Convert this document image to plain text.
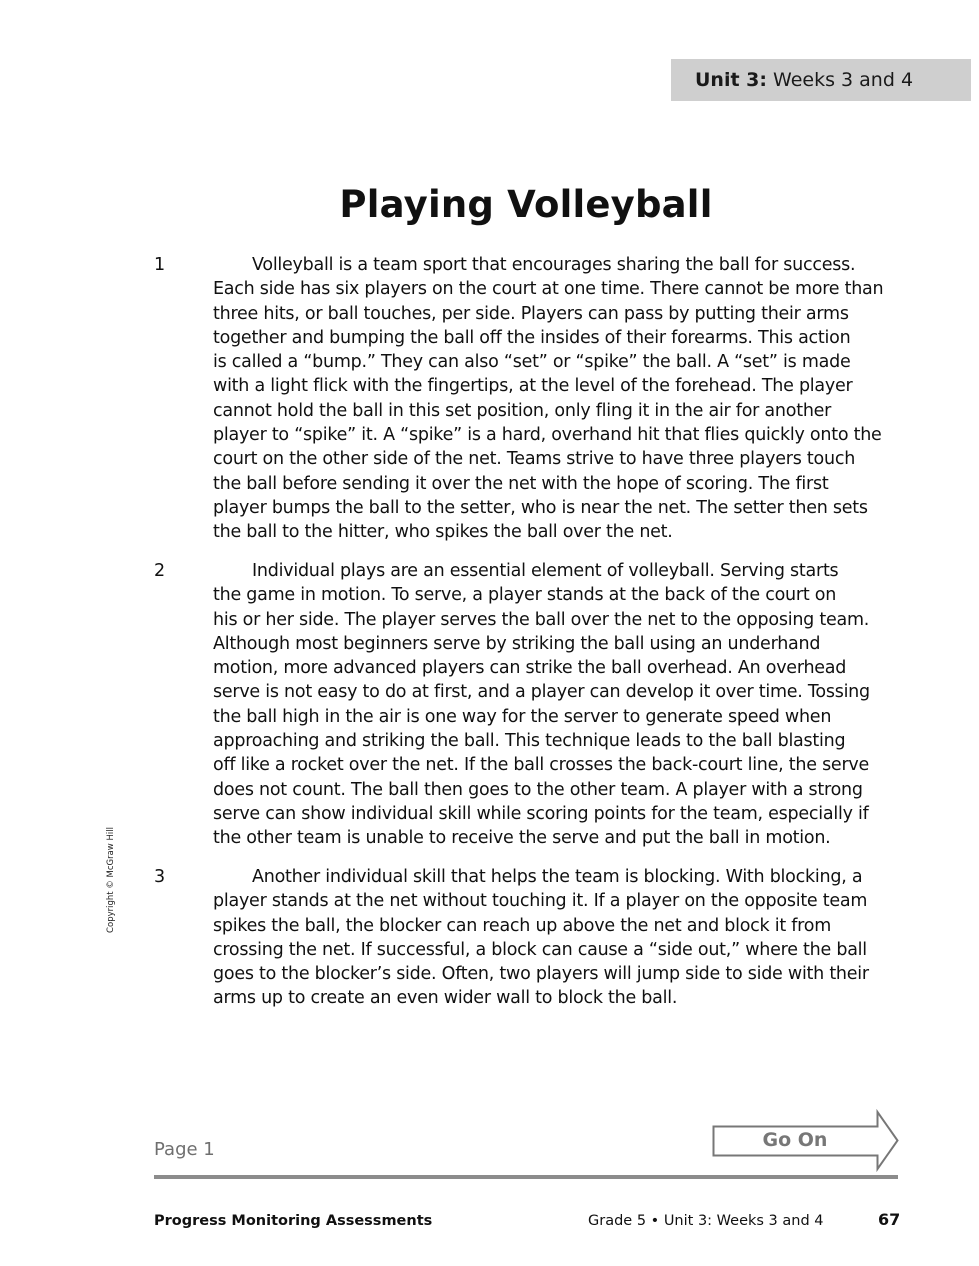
Unit 3: Weeks 3 and 4
Playing Volleyball
1	Volleyball is a team sport that encourages sharing the ball for success.
Each side has six players on the court at one time. There cannot be more than
three hits, or ball touches, per side. Players can pass by putting their arms
together and bumping the ball off the insides of their forearms. This action
is called a “bump.” They can also “set” or “spike” the ball. A “set” is made
with a light flick with the fingertips, at the level of the forehead. The player
cannot hold the ball in this set position, only fling it in the air for another
player to “spike” it. A “spike” is a hard, overhand hit that flies quickly onto the
court on the other side of the net. Teams strive to have three players touch
the ball before sending it over the net with the hope of scoring. The first
player bumps the ball to the setter, who is near the net. The setter then sets
the ball to the hitter, who spikes the ball over the net.

2	Individual plays are an essential element of volleyball. Serving starts
the game in motion. To serve, a player stands at the back of the court on
his or her side. The player serves the ball over the net to the opposing team.
Although most beginners serve by striking the ball using an underhand
motion, more advanced players can strike the ball overhead. An overhead
serve is not easy to do at first, and a player can develop it over time. Tossing
the ball high in the air is one way for the server to generate speed when
approaching and striking the ball. This technique leads to the ball blasting
off like a rocket over the net. If the ball crosses the back-court line, the serve
does not count. The ball then goes to the other team. A player with a strong
serve can show individual skill while scoring points for the team, especially if
the other team is unable to receive the serve and put the ball in motion.

3	Another individual skill that helps the team is blocking. With blocking, a
player stands at the net without touching it. If a player on the opposite team
spikes the ball, the blocker can reach up above the net and block it from
crossing the net. If successful, a block can cause a “side out,” where the ball
goes to the blocker’s side. Often, two players will jump side to side with their
arms up to create an even wider wall to block the ball.

Copyright © McGraw Hill
Page 1	Go On
Progress Monitoring Assessments	Grade 5 • Unit 3: Weeks 3 and 4	67
